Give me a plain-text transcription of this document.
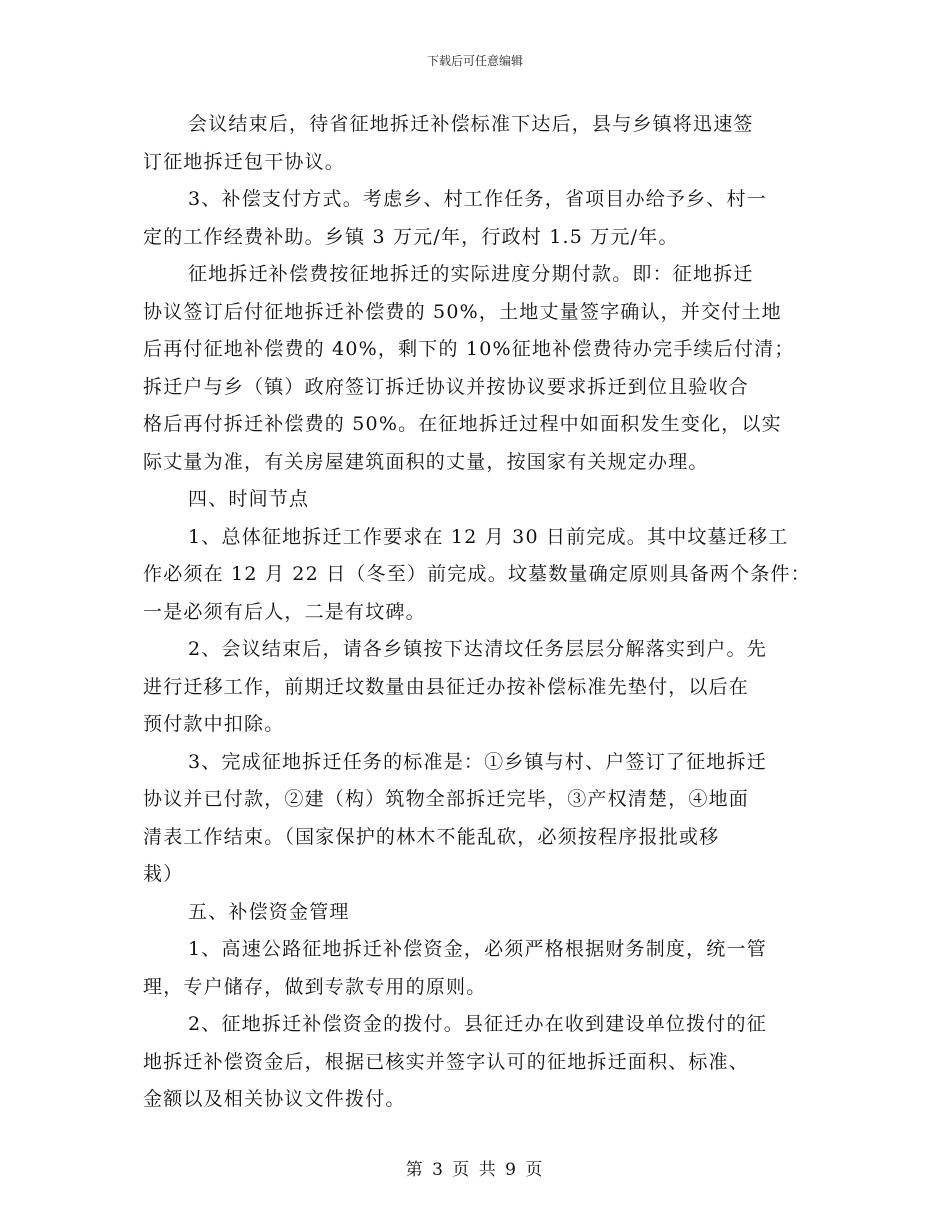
下载后可任意编辑

会议结束后，待省征地拆迁补偿标准下达后，县与乡镇将迅速签
订征地拆迁包干协议。

3、补偿支付方式。考虑乡、村工作任务，省项目办给予乡、村一
定的工作经费补助。乡镇 3 万元/年，行政村 1.5 万元/年。

征地拆迁补偿费按征地拆迁的实际进度分期付款。即：征地拆迁
协议签订后付征地拆迁补偿费的 50%，土地丈量签字确认，并交付土地
后再付征地补偿费的 40%，剩下的 10%征地补偿费待办完手续后付清；
拆迁户与乡（镇）政府签订拆迁协议并按协议要求拆迁到位且验收合
格后再付拆迁补偿费的 50%。在征地拆迁过程中如面积发生变化，以实
际丈量为准，有关房屋建筑面积的丈量，按国家有关规定办理。

四、时间节点

1、总体征地拆迁工作要求在 12 月 30 日前完成。其中坟墓迁移工
作必须在 12 月 22 日（冬至）前完成。坟墓数量确定原则具备两个条件：
一是必须有后人，二是有坟碑。

2、会议结束后，请各乡镇按下达清坟任务层层分解落实到户。先
进行迁移工作，前期迁坟数量由县征迁办按补偿标准先垫付，以后在
预付款中扣除。

3、完成征地拆迁任务的标准是：①乡镇与村、户签订了征地拆迁
协议并已付款，②建（构）筑物全部拆迁完毕，③产权清楚，④地面
清表工作结束。（国家保护的林木不能乱砍，必须按程序报批或移
栽）

五、补偿资金管理

1、高速公路征地拆迁补偿资金，必须严格根据财务制度，统一管
理，专户储存，做到专款专用的原则。

2、征地拆迁补偿资金的拨付。县征迁办在收到建设单位拨付的征
地拆迁补偿资金后，根据已核实并签字认可的征地拆迁面积、标准、
金额以及相关协议文件拨付。

第 3 页 共 9 页
